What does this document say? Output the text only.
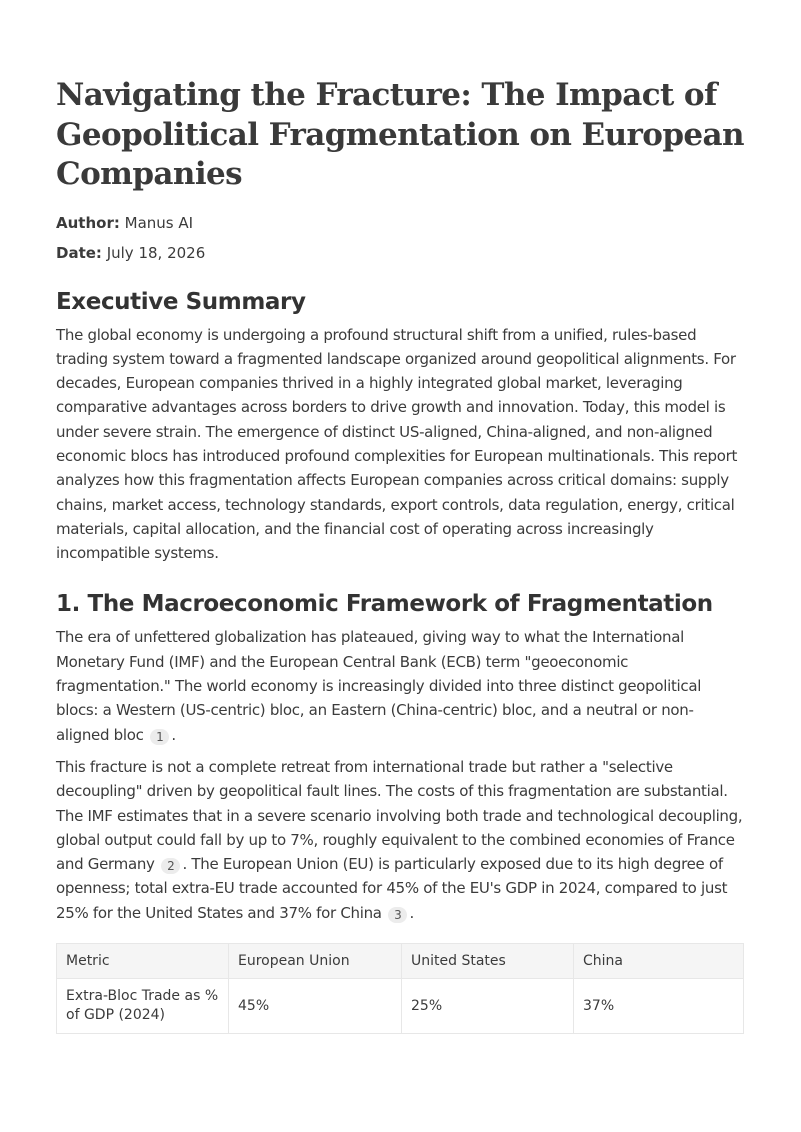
Navigating the Fracture: The Impact of Geopolitical Fragmentation on European Companies

Author: Manus AI

Date: July 18, 2026

Executive Summary

The global economy is undergoing a profound structural shift from a unified, rules-based trading system toward a fragmented landscape organized around geopolitical alignments. For decades, European companies thrived in a highly integrated global market, leveraging comparative advantages across borders to drive growth and innovation. Today, this model is under severe strain. The emergence of distinct US-aligned, China-aligned, and non-aligned economic blocs has introduced profound complexities for European multinationals. This report analyzes how this fragmentation affects European companies across critical domains: supply chains, market access, technology standards, export controls, data regulation, energy, critical materials, capital allocation, and the financial cost of operating across increasingly incompatible systems.

1. The Macroeconomic Framework of Fragmentation

The era of unfettered globalization has plateaued, giving way to what the International Monetary Fund (IMF) and the European Central Bank (ECB) term "geoeconomic fragmentation." The world economy is increasingly divided into three distinct geopolitical blocs: a Western (US-centric) bloc, an Eastern (China-centric) bloc, and a neutral or non-aligned bloc 1 .

This fracture is not a complete retreat from international trade but rather a "selective decoupling" driven by geopolitical fault lines. The costs of this fragmentation are substantial. The IMF estimates that in a severe scenario involving both trade and technological decoupling, global output could fall by up to 7%, roughly equivalent to the combined economies of France and Germany 2 . The European Union (EU) is particularly exposed due to its high degree of openness; total extra-EU trade accounted for 45% of the EU's GDP in 2024, compared to just 25% for the United States and 37% for China 3 .

Metric	European Union	United States	China
Extra-Bloc Trade as % of GDP (2024)	45%	25%	37%
